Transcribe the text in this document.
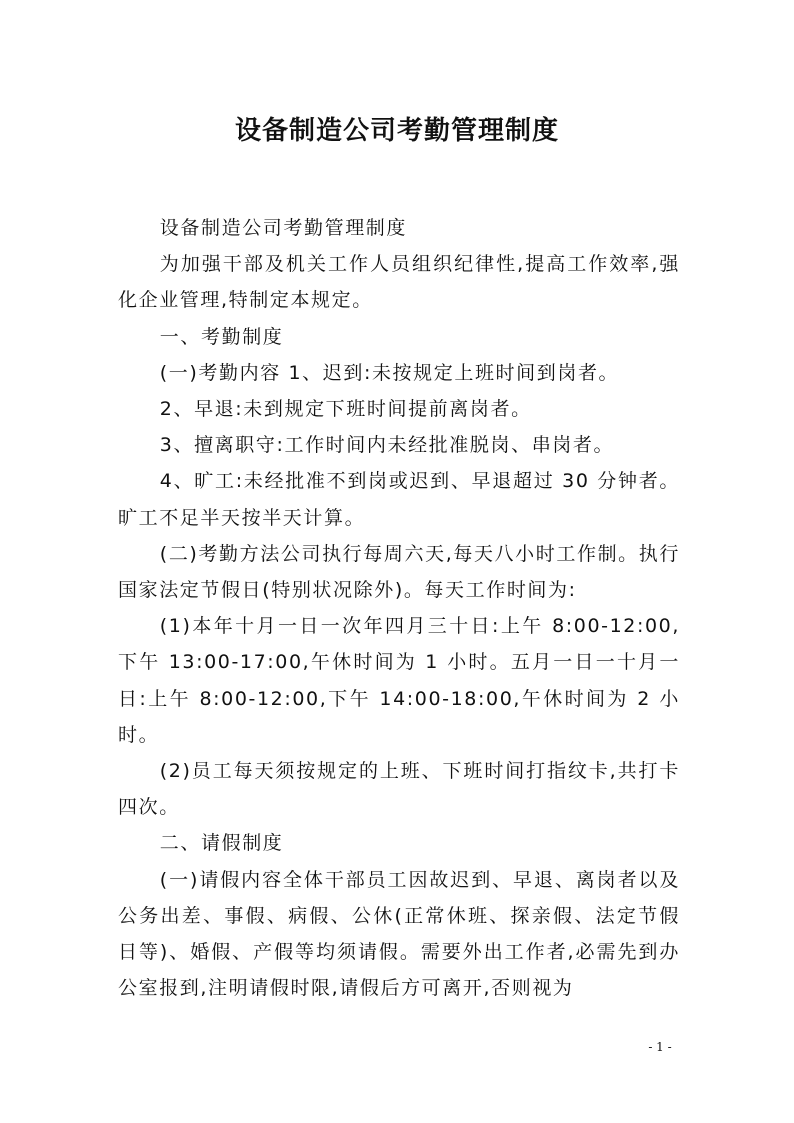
设备制造公司考勤管理制度

设备制造公司考勤管理制度

为加强干部及机关工作人员组织纪律性,提高工作效率,强化企业管理,特制定本规定。

一、考勤制度

(一)考勤内容 1、迟到:未按规定上班时间到岗者。

2、早退:未到规定下班时间提前离岗者。

3、擅离职守:工作时间内未经批准脱岗、串岗者。

4、旷工:未经批准不到岗或迟到、早退超过 30 分钟者。旷工不足半天按半天计算。

(二)考勤方法公司执行每周六天,每天八小时工作制。执行国家法定节假日(特别状况除外)。每天工作时间为:

(1)本年十月一日一次年四月三十日:上午 8:00-12:00,下午 13:00-17:00,午休时间为 1 小时。五月一日一十月一日:上午 8:00-12:00,下午 14:00-18:00,午休时间为 2 小时。

(2)员工每天须按规定的上班、下班时间打指纹卡,共打卡四次。

二、请假制度

(一)请假内容全体干部员工因故迟到、早退、离岗者以及公务出差、事假、病假、公休(正常休班、探亲假、法定节假日等)、婚假、产假等均须请假。需要外出工作者,必需先到办公室报到,注明请假时限,请假后方可离开,否则视为

- 1 -
